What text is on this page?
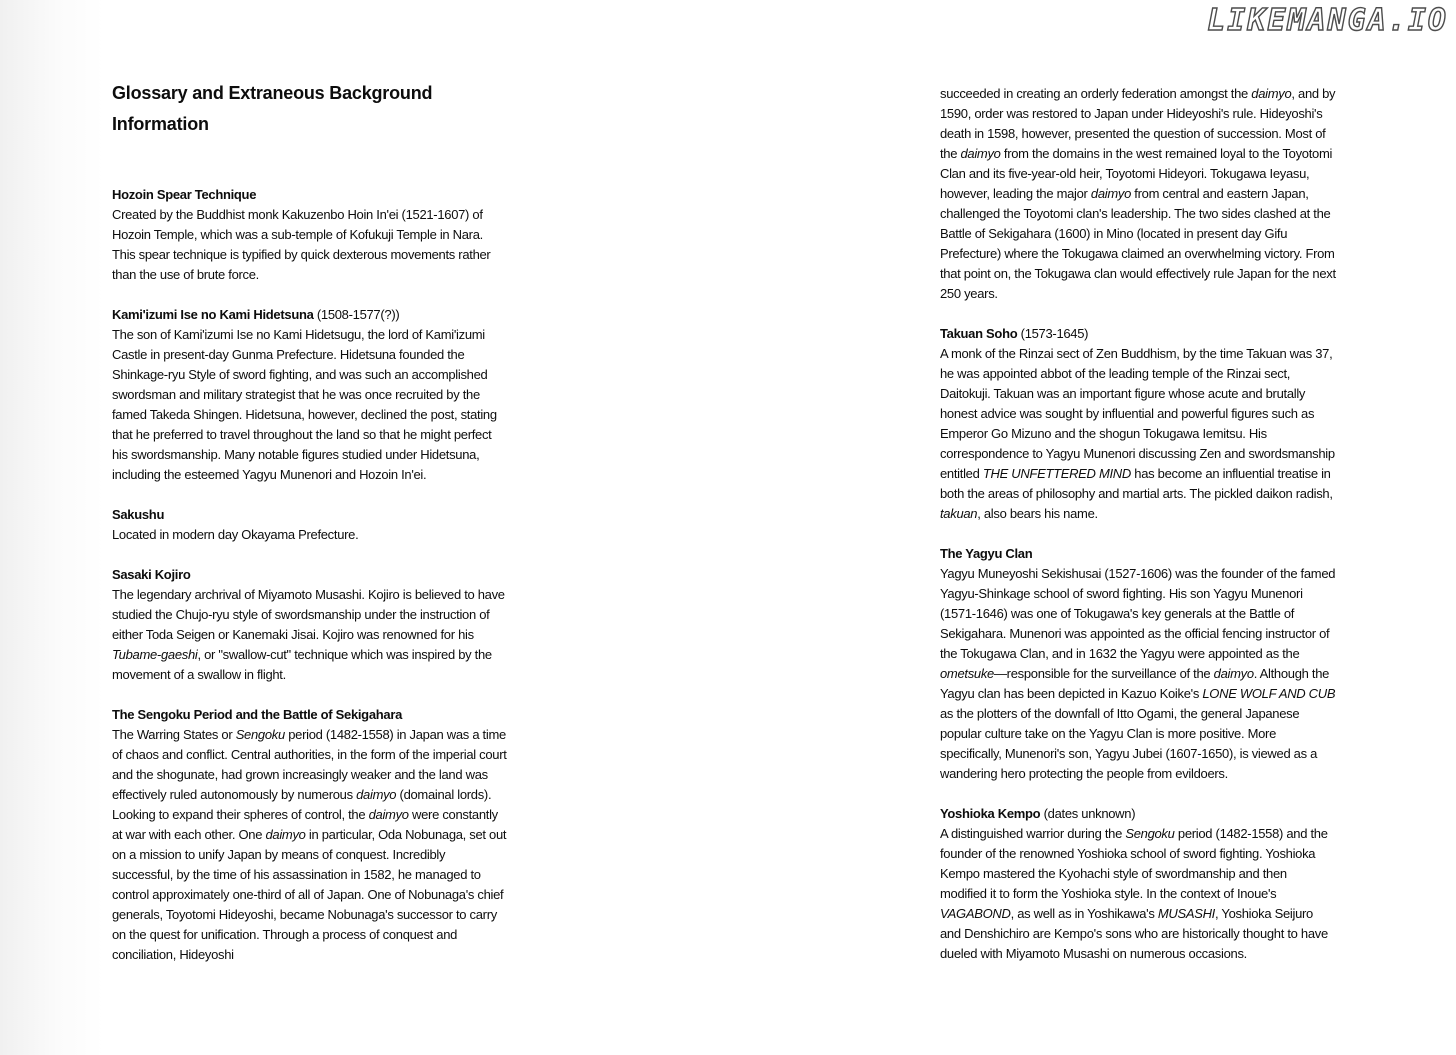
LIKEMANGA.IO
Glossary and Extraneous Background Information
Hozoin Spear Technique
Created by the Buddhist monk Kakuzenbo Hoin In'ei (1521-1607) of Hozoin Temple, which was a sub-temple of Kofukuji Temple in Nara. This spear technique is typified by quick dexterous movements rather than the use of brute force.
Kami'izumi Ise no Kami Hidetsuna (1508-1577(?))
The son of Kami'izumi Ise no Kami Hidetsugu, the lord of Kami'izumi Castle in present-day Gunma Prefecture. Hidetsuna founded the Shinkage-ryu Style of sword fighting, and was such an accomplished swordsman and military strategist that he was once recruited by the famed Takeda Shingen. Hidetsuna, however, declined the post, stating that he preferred to travel throughout the land so that he might perfect his swordsmanship. Many notable figures studied under Hidetsuna, including the esteemed Yagyu Munenori and Hozoin In'ei.
Sakushu
Located in modern day Okayama Prefecture.
Sasaki Kojiro
The legendary archrival of Miyamoto Musashi. Kojiro is believed to have studied the Chujo-ryu style of swordsmanship under the instruction of either Toda Seigen or Kanemaki Jisai. Kojiro was renowned for his Tubame-gaeshi, or "swallow-cut" technique which was inspired by the movement of a swallow in flight.
The Sengoku Period and the Battle of Sekigahara
The Warring States or Sengoku period (1482-1558) in Japan was a time of chaos and conflict. Central authorities, in the form of the imperial court and the shogunate, had grown increasingly weaker and the land was effectively ruled autonomously by numerous daimyo (domainal lords). Looking to expand their spheres of control, the daimyo were constantly at war with each other. One daimyo in particular, Oda Nobunaga, set out on a mission to unify Japan by means of conquest. Incredibly successful, by the time of his assassination in 1582, he managed to control approximately one-third of all of Japan. One of Nobunaga's chief generals, Toyotomi Hideyoshi, became Nobunaga's successor to carry on the quest for unification. Through a process of conquest and conciliation, Hideyoshi
succeeded in creating an orderly federation amongst the daimyo, and by 1590, order was restored to Japan under Hideyoshi's rule. Hideyoshi's death in 1598, however, presented the question of succession. Most of the daimyo from the domains in the west remained loyal to the Toyotomi Clan and its five-year-old heir, Toyotomi Hideyori. Tokugawa Ieyasu, however, leading the major daimyo from central and eastern Japan, challenged the Toyotomi clan's leadership. The two sides clashed at the Battle of Sekigahara (1600) in Mino (located in present day Gifu Prefecture) where the Tokugawa claimed an overwhelming victory. From that point on, the Tokugawa clan would effectively rule Japan for the next 250 years.
Takuan Soho (1573-1645)
A monk of the Rinzai sect of Zen Buddhism, by the time Takuan was 37, he was appointed abbot of the leading temple of the Rinzai sect, Daitokuji. Takuan was an important figure whose acute and brutally honest advice was sought by influential and powerful figures such as Emperor Go Mizuno and the shogun Tokugawa Iemitsu. His correspondence to Yagyu Munenori discussing Zen and swordsmanship entitled THE UNFETTERED MIND has become an influential treatise in both the areas of philosophy and martial arts. The pickled daikon radish, takuan, also bears his name.
The Yagyu Clan
Yagyu Muneyoshi Sekishusai (1527-1606) was the founder of the famed Yagyu-Shinkage school of sword fighting. His son Yagyu Munenori (1571-1646) was one of Tokugawa's key generals at the Battle of Sekigahara. Munenori was appointed as the official fencing instructor of the Tokugawa Clan, and in 1632 the Yagyu were appointed as the ometsuke—responsible for the surveillance of the daimyo. Although the Yagyu clan has been depicted in Kazuo Koike's LONE WOLF AND CUB as the plotters of the downfall of Itto Ogami, the general Japanese popular culture take on the Yagyu Clan is more positive. More specifically, Munenori's son, Yagyu Jubei (1607-1650), is viewed as a wandering hero protecting the people from evildoers.
Yoshioka Kempo (dates unknown)
A distinguished warrior during the Sengoku period (1482-1558) and the founder of the renowned Yoshioka school of sword fighting. Yoshioka Kempo mastered the Kyohachi style of swordmanship and then modified it to form the Yoshioka style. In the context of Inoue's VAGABOND, as well as in Yoshikawa's MUSASHI, Yoshioka Seijuro and Denshichiro are Kempo's sons who are historically thought to have dueled with Miyamoto Musashi on numerous occasions.
